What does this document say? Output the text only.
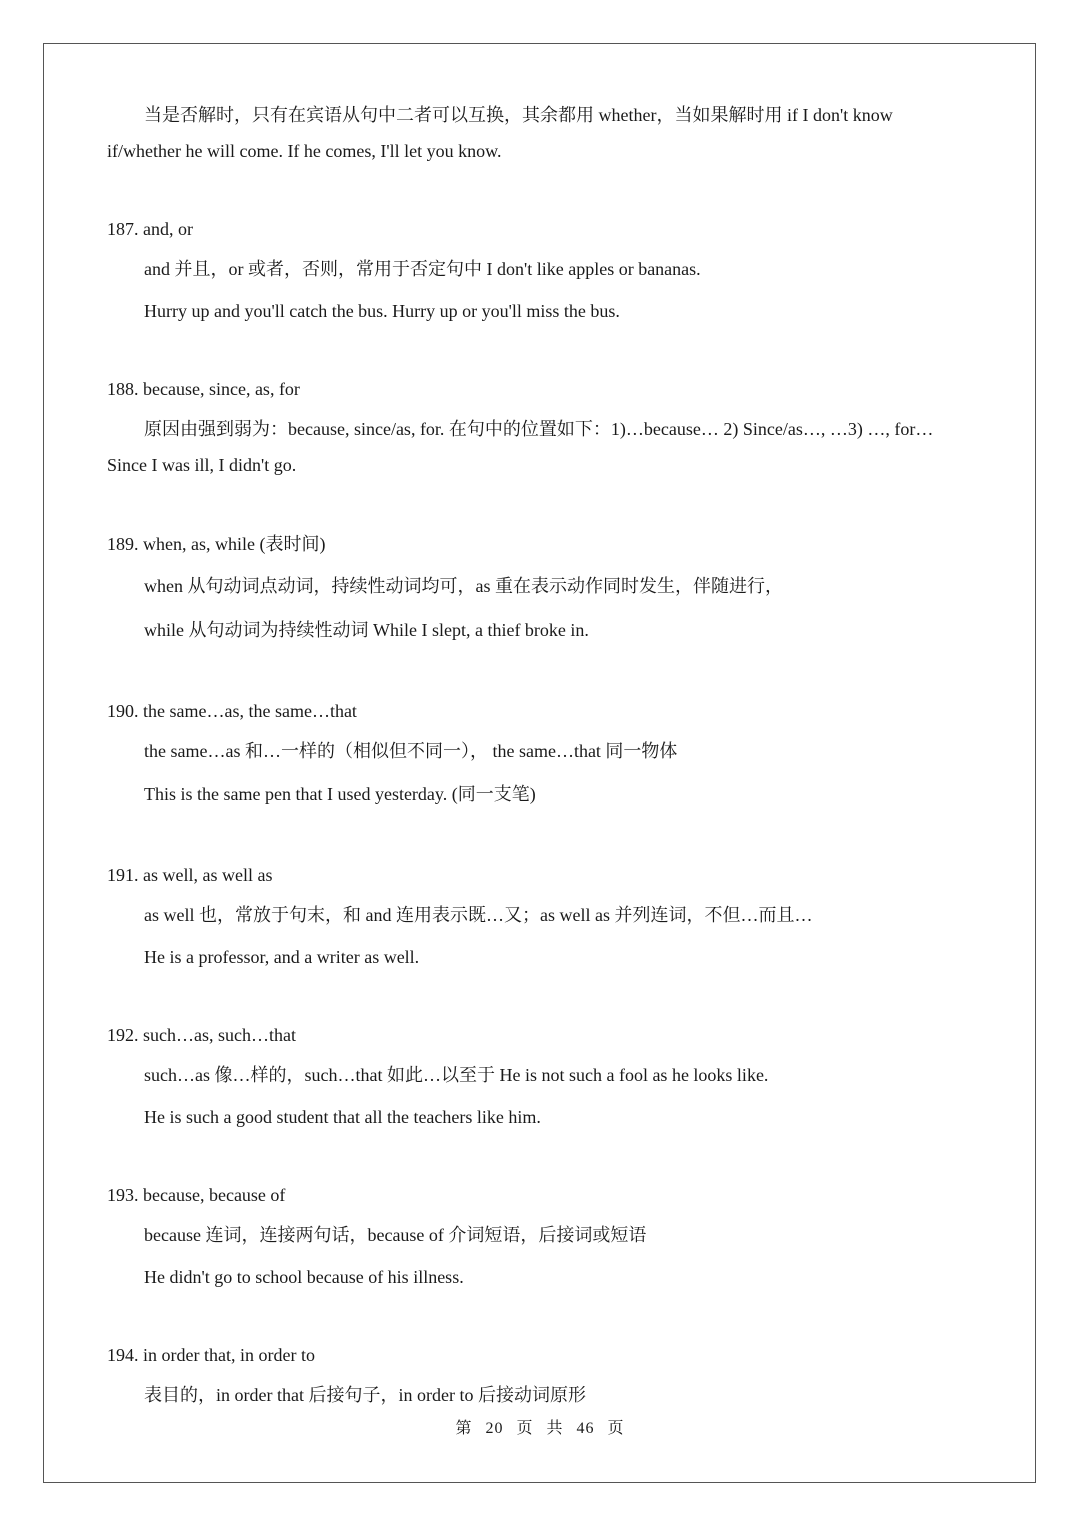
当是否解时，只有在宾语从句中二者可以互换，其余都用 whether，当如果解时用 if I don't know
if/whether he will come. If he comes, I'll let you know.
187. and, or
and 并且，or 或者，否则，常用于否定句中 I don't like apples or bananas.
Hurry up and you'll catch the bus. Hurry up or you'll miss the bus.
188. because, since, as, for
原因由强到弱为：because, since/as, for. 在句中的位置如下：1)…because… 2) Since/as…, …3) …, for…
Since I was ill, I didn't go.
189. when, as, while (表时间)
when 从句动词点动词，持续性动词均可，as 重在表示动作同时发生，伴随进行，
while 从句动词为持续性动词 While I slept, a thief broke in.
190. the same…as, the same…that
the same…as 和…一样的（相似但不同一）， the same…that 同一物体
This is the same pen that I used yesterday. (同一支笔)
191. as well, as well as
as well 也，常放于句末，和 and 连用表示既…又；as well as 并列连词，不但…而且…
He is a professor, and a writer as well.
192. such…as, such…that
such…as 像…样的，such…that 如此…以至于 He is not such a fool as he looks like.
He is such a good student that all the teachers like him.
193. because, because of
because 连词，连接两句话，because of 介词短语，后接词或短语
He didn't go to school because of his illness.
194. in order that, in order to
表目的，in order that 后接句子，in order to 后接动词原形
第 20 页 共 46 页
